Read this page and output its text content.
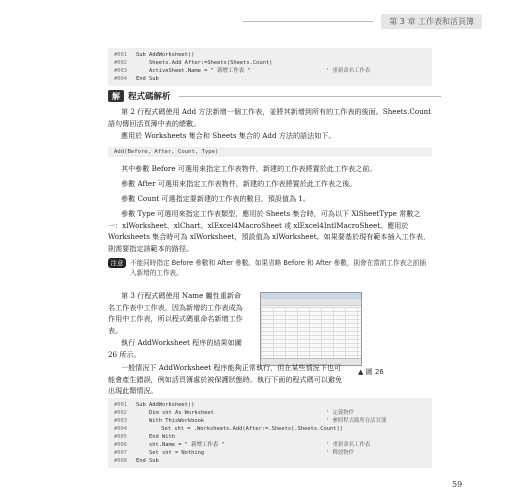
第 3 章 工作表和活頁簿
#001	Sub AddWorksheet()
#002	Sheets.Add After:=Sheets(Sheets.Count)
#003	ActiveSheet.Name = " 新增工作表 "	' 重新命名工作表
#004	End Sub
解 程式碼解析
第 2 行程式碼使用 Add 方法新增一個工作表，並將其新增到所有的工作表的後面。Sheets.Count 語句傳回活頁簿中表的總數。
應用於 Worksheets 集合和 Sheets 集合的 Add 方法的語法如下。
Add(Before, After, Count, Type)
其中參數 Before 可選用來指定工作表物件，新建的工作表將置於此工作表之前。
參數 After 可選用來指定工作表物件，新建的工作表將置於此工作表之後。
參數 Count 可選指定要新建的工作表的數目，預設值為 1。
參數 Type 可選用來指定工作表類型，應用於 Sheets 集合時，可為以下 XlSheetType 常數之一：xlWorksheet、xlChart、xlExcel4MacroSheet 或 xlExcel4IntlMacroSheet。應用於 Worksheets 集合時可為 xlWorksheet，預設值為 xlWorksheet。如果要基於現有範本插入工作表，則需要指定該範本的路徑。
注意 不能同時指定 Before 參數和 After 參數。如果省略 Before 和 After 參數，則會在當前工作表之前插入新增的工作表。
第 3 行程式碼使用 Name 屬性重新命名工作表中工作表，因為新增的工作表成為作用中工作表，所以程式碼重命名新增工作表。
執行 AddWorksheet 程序的結果如圖 26 所示。
▲ 圖 26
一般情況下 AddWorksheet 程序能夠正常執行，但在某些情況下也可能會產生錯誤，例如活頁簿處於被保護狀態時。執行下面的程式碼可以避免出現此類情況。
#001	Sub AddWorksheet()
#002	Dim sht As Worksheet	' 定義物件
#003	With ThisWorkbook	' 參照程式碼所在活頁簿
#004	Set sht = .Worksheets.Add(After:=.Sheets(.Sheets.Count))
#005	End With
#006	sht.Name = " 新增工作表 "	' 重新命名工作表
#007	Set sht = Nothing	' 釋放物件
#008	End Sub
59
